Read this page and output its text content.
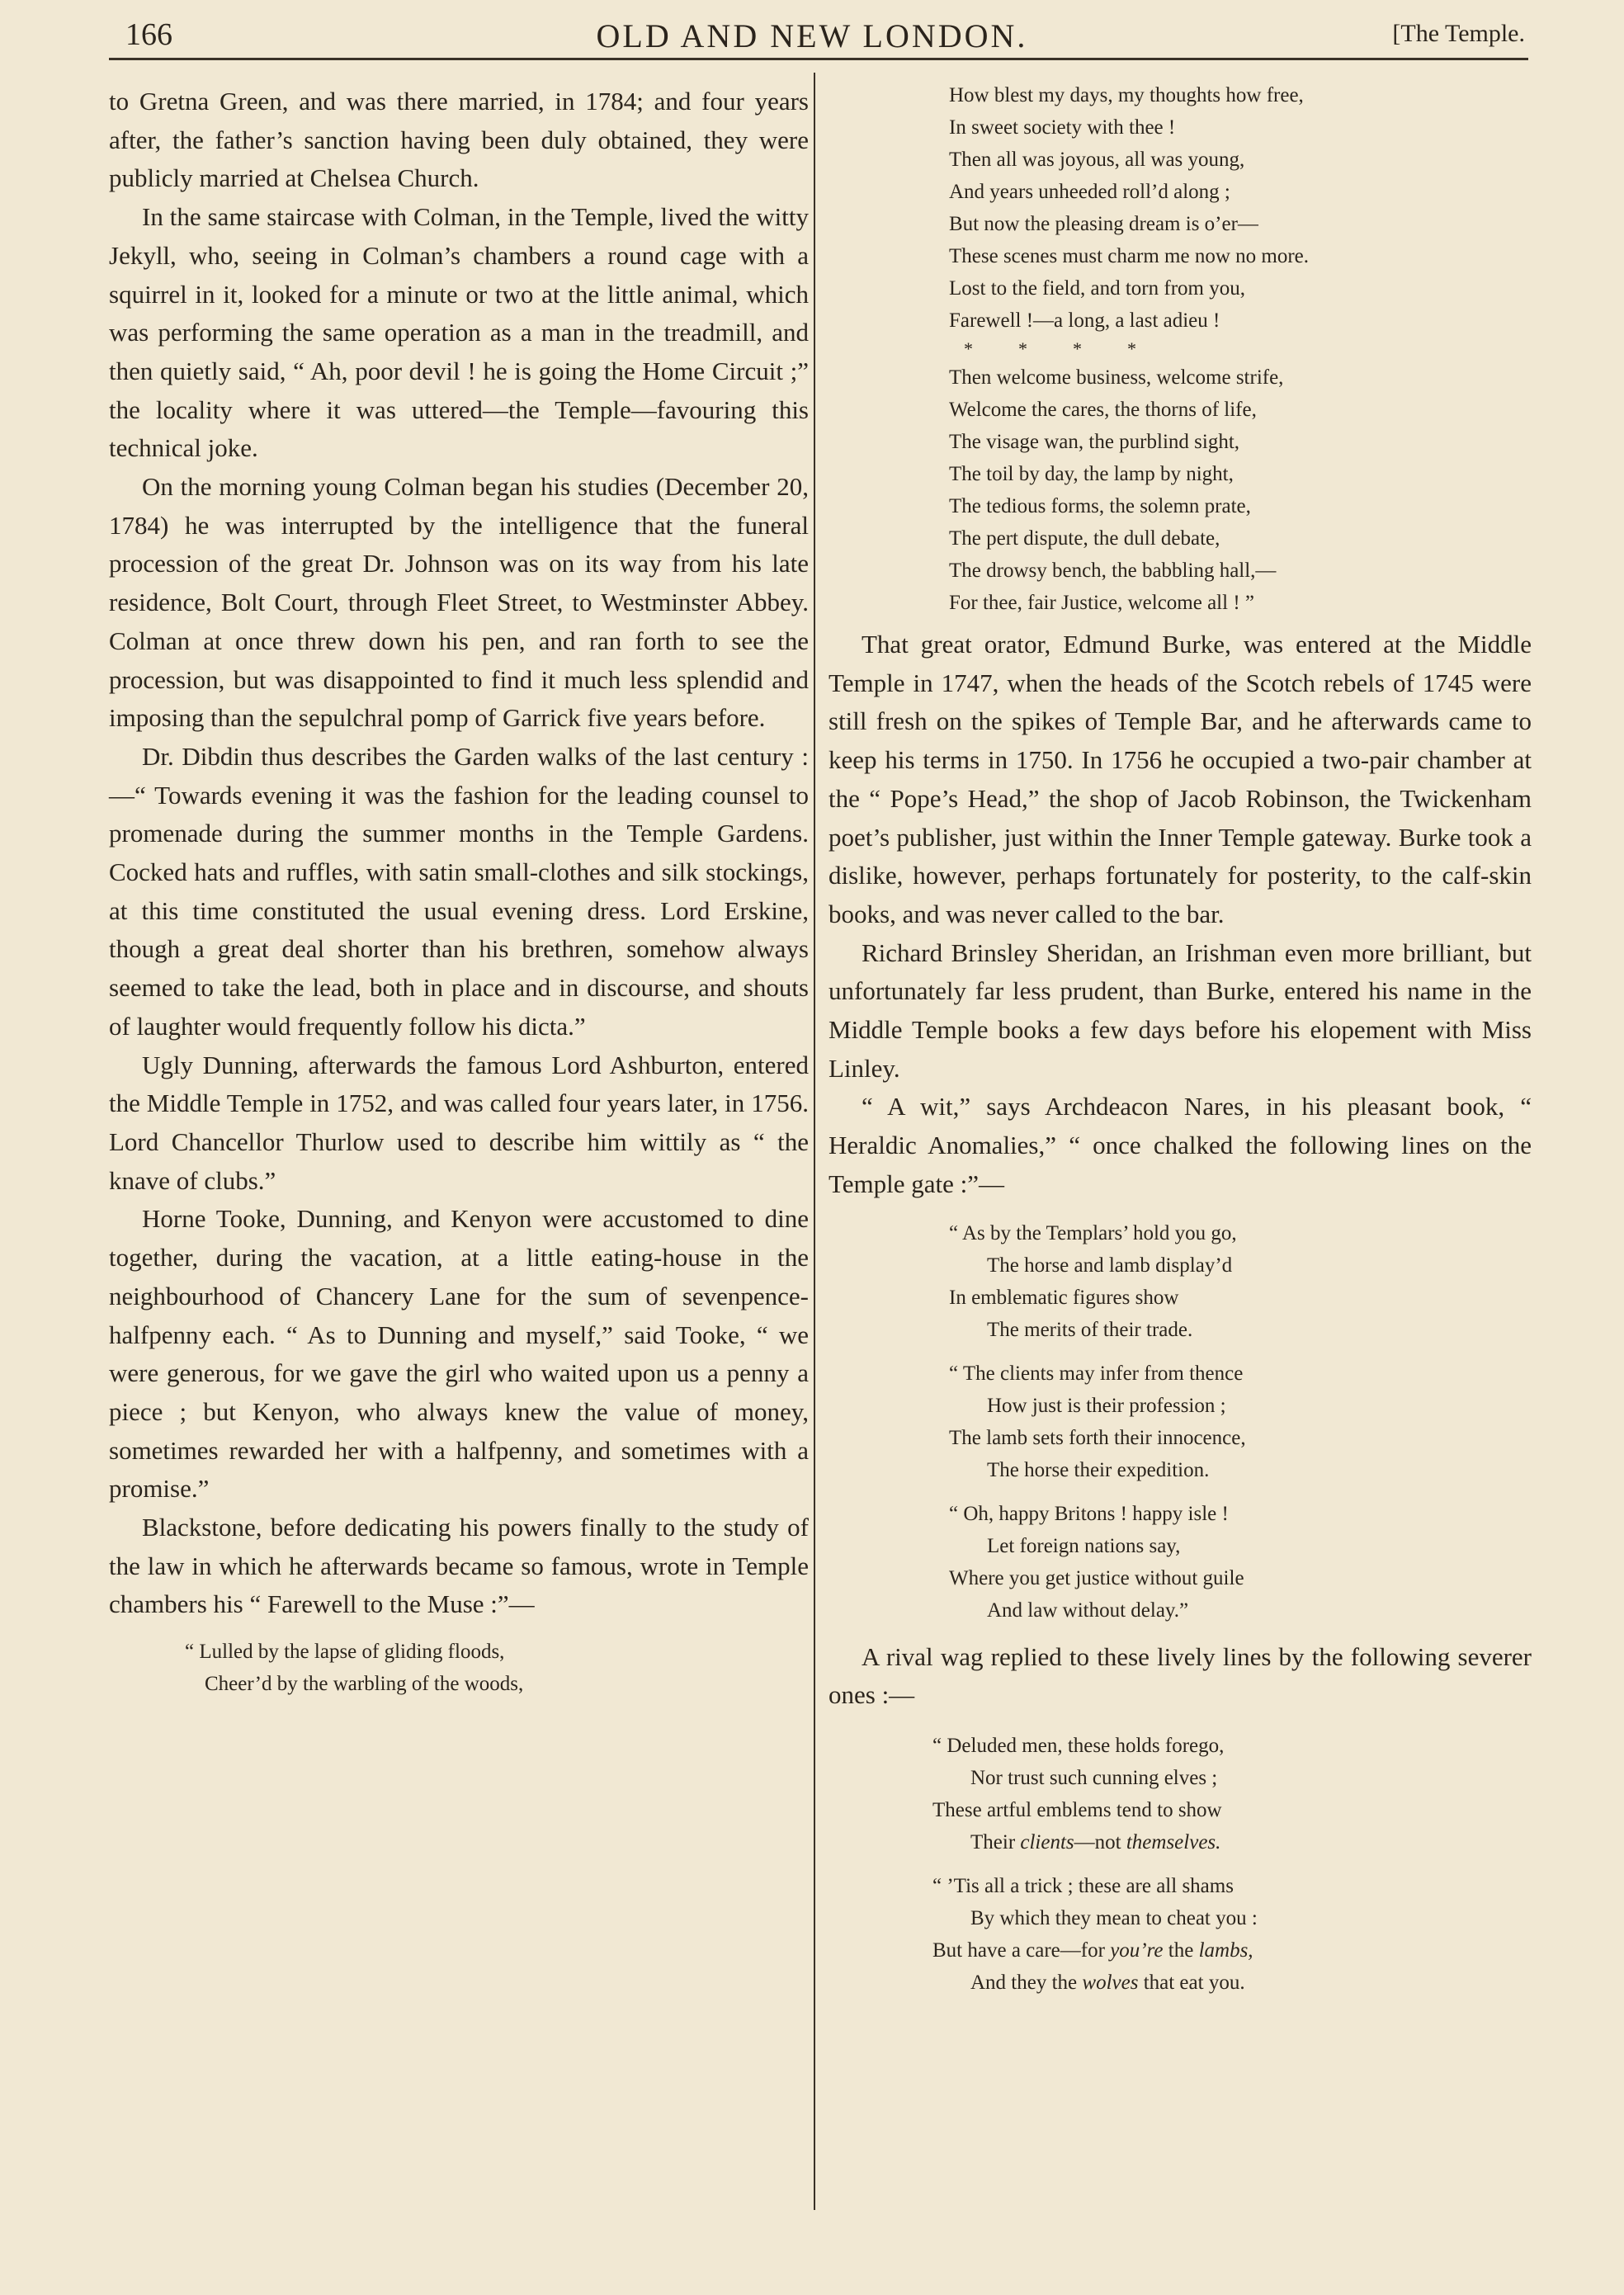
166	OLD AND NEW LONDON.	[The Temple.

to Gretna Green, and was there married, in 1784; and four years after, the father’s sanction having been duly obtained, they were publicly married at Chelsea Church.

In the same staircase with Colman, in the Temple, lived the witty Jekyll, who, seeing in Colman’s chambers a round cage with a squirrel in it, looked for a minute or two at the little animal, which was performing the same operation as a man in the treadmill, and then quietly said, “ Ah, poor devil ! he is going the Home Circuit ;” the locality where it was uttered—the Temple—favouring this technical joke.

On the morning young Colman began his studies (December 20, 1784) he was interrupted by the intelligence that the funeral procession of the great Dr. Johnson was on its way from his late residence, Bolt Court, through Fleet Street, to Westminster Abbey. Colman at once threw down his pen, and ran forth to see the procession, but was disappointed to find it much less splendid and imposing than the sepulchral pomp of Garrick five years before.

Dr. Dibdin thus describes the Garden walks of the last century :—“ Towards evening it was the fashion for the leading counsel to promenade during the summer months in the Temple Gardens. Cocked hats and ruffles, with satin small-clothes and silk stockings, at this time constituted the usual evening dress. Lord Erskine, though a great deal shorter than his brethren, somehow always seemed to take the lead, both in place and in discourse, and shouts of laughter would frequently follow his dicta.”

Ugly Dunning, afterwards the famous Lord Ashburton, entered the Middle Temple in 1752, and was called four years later, in 1756. Lord Chancellor Thurlow used to describe him wittily as “ the knave of clubs.”

Horne Tooke, Dunning, and Kenyon were accustomed to dine together, during the vacation, at a little eating-house in the neighbourhood of Chancery Lane for the sum of sevenpence-halfpenny each. “ As to Dunning and myself,” said Tooke, “ we were generous, for we gave the girl who waited upon us a penny a piece ; but Kenyon, who always knew the value of money, sometimes rewarded her with a halfpenny, and sometimes with a promise.”

Blackstone, before dedicating his powers finally to the study of the law in which he afterwards became so famous, wrote in Temple chambers his “ Farewell to the Muse :”—

“ Lulled by the lapse of gliding floods,
Cheer’d by the warbling of the woods,
How blest my days, my thoughts how free,
In sweet society with thee !
Then all was joyous, all was young,
And years unheeded roll’d along ;
But now the pleasing dream is o’er—
These scenes must charm me now no more.
Lost to the field, and torn from you,
Farewell !—a long, a last adieu !
*          *          *          *
Then welcome business, welcome strife,
Welcome the cares, the thorns of life,
The visage wan, the purblind sight,
The toil by day, the lamp by night,
The tedious forms, the solemn prate,
The pert dispute, the dull debate,
The drowsy bench, the babbling hall,—
For thee, fair Justice, welcome all ! ”

That great orator, Edmund Burke, was entered at the Middle Temple in 1747, when the heads of the Scotch rebels of 1745 were still fresh on the spikes of Temple Bar, and he afterwards came to keep his terms in 1750. In 1756 he occupied a two-pair chamber at the “ Pope’s Head,” the shop of Jacob Robinson, the Twickenham poet’s publisher, just within the Inner Temple gateway. Burke took a dislike, however, perhaps fortunately for posterity, to the calf-skin books, and was never called to the bar.

Richard Brinsley Sheridan, an Irishman even more brilliant, but unfortunately far less prudent, than Burke, entered his name in the Middle Temple books a few days before his elopement with Miss Linley.

“ A wit,” says Archdeacon Nares, in his pleasant book, “ Heraldic Anomalies,” “ once chalked the following lines on the Temple gate :”—

“ As by the Templars’ hold you go,
The horse and lamb display’d
In emblematic figures show
The merits of their trade.
“ The clients may infer from thence
How just is their profession ;
The lamb sets forth their innocence,
The horse their expedition.
“ Oh, happy Britons ! happy isle !
Let foreign nations say,
Where you get justice without guile
And law without delay.”

A rival wag replied to these lively lines by the following severer ones :—

“ Deluded men, these holds forego,
Nor trust such cunning elves ;
These artful emblems tend to show
Their clients—not themselves.
“ ’Tis all a trick ; these are all shams
By which they mean to cheat you :
But have a care—for you’re the lambs,
And they the wolves that eat you.
